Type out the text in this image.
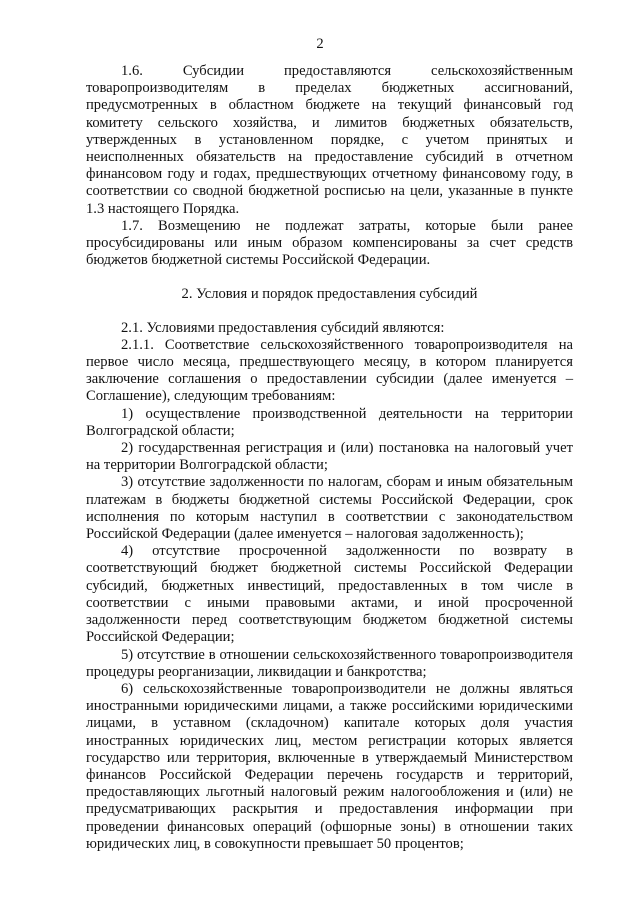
2

1.6. Субсидии предоставляются сельскохозяйственным товаропроизводителям в пределах бюджетных ассигнований, предусмотренных в областном бюджете на текущий финансовый год комитету сельского хозяйства, и лимитов бюджетных обязательств, утвержденных в установленном порядке, с учетом принятых и неисполненных обязательств на предоставление субсидий в отчетном финансовом году и годах, предшествующих отчетному финансовому году, в соответствии со сводной бюджетной росписью на цели, указанные в пункте 1.3 настоящего Порядка.

1.7. Возмещению не подлежат затраты, которые были ранее просубсидированы или иным образом компенсированы за счет средств бюджетов бюджетной системы Российской Федерации.

2. Условия и порядок предоставления субсидий

2.1. Условиями предоставления субсидий являются:

2.1.1. Соответствие сельскохозяйственного товаропроизводителя на первое число месяца, предшествующего месяцу, в котором планируется заключение соглашения о предоставлении субсидии (далее именуется – Соглашение), следующим требованиям:

1) осуществление производственной деятельности на территории Волгоградской области;

2) государственная регистрация и (или) постановка на налоговый учет на территории Волгоградской области;

3) отсутствие задолженности по налогам, сборам и иным обязательным платежам в бюджеты бюджетной системы Российской Федерации, срок исполнения по которым наступил в соответствии с законодательством Российской Федерации (далее именуется – налоговая задолженность);

4) отсутствие просроченной задолженности по возврату в соответствующий бюджет бюджетной системы Российской Федерации субсидий, бюджетных инвестиций, предоставленных в том числе в соответствии с иными правовыми актами, и иной просроченной задолженности перед соответствующим бюджетом бюджетной системы Российской Федерации;

5) отсутствие в отношении сельскохозяйственного товаропроизводителя процедуры реорганизации, ликвидации и банкротства;

6) сельскохозяйственные товаропроизводители не должны являться иностранными юридическими лицами, а также российскими юридическими лицами, в уставном (складочном) капитале которых доля участия иностранных юридических лиц, местом регистрации которых является государство или территория, включенные в утверждаемый Министерством финансов Российской Федерации перечень государств и территорий, предоставляющих льготный налоговый режим налогообложения и (или) не предусматривающих раскрытия и предоставления информации при проведении финансовых операций (офшорные зоны) в отношении таких юридических лиц, в совокупности превышает 50 процентов;
